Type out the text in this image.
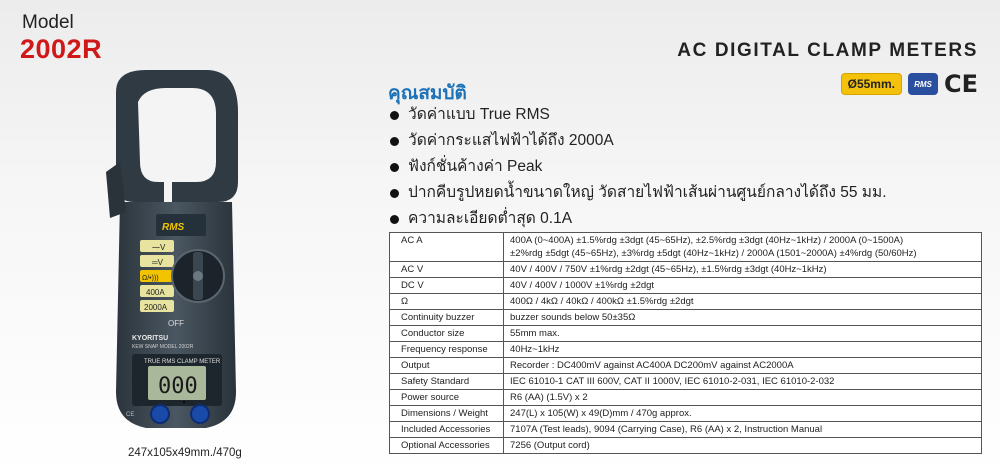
Model
2002R	AC DIGITAL CLAMP METERS
Ø55mm.	RMS CE
RMS
⁓V
═V
Ω/•)))
400A
2000A
OFF
KYORITSU
KEW SNAP MODEL 2002R
TRUE RMS CLAMP METER
000
CE
คุณสมบัติ
วัดค่าแบบ True RMS
วัดค่ากระแสไฟฟ้าได้ถึง 2000A
ฟังก์ชั่นค้างค่า Peak
ปากคีบรูปหยดน้ำขนาดใหญ่ วัดสายไฟฟ้าเส้นผ่านศูนย์กลางได้ถึง 55 มม.
ความละเอียดต่ำสุด 0.1A
AC A	400A (0~400A) ±1.5%rdg ±3dgt (45~65Hz), ±2.5%rdg ±3dgt (40Hz~1kHz) / 2000A (0~1500A)
±2%rdg ±5dgt (45~65Hz), ±3%rdg ±5dgt (40Hz~1kHz) / 2000A (1501~2000A) ±4%rdg (50/60Hz)
AC V	40V / 400V / 750V ±1%rdg ±2dgt (45~65Hz), ±1.5%rdg ±3dgt (40Hz~1kHz)
DC V	40V / 400V / 1000V ±1%rdg ±2dgt
Ω	400Ω / 4kΩ / 40kΩ / 400kΩ ±1.5%rdg ±2dgt
Continuity buzzer	buzzer sounds below 50±35Ω
Conductor size	55mm max.
Frequency response	40Hz~1kHz
Output	Recorder : DC400mV against AC400A DC200mV against AC2000A
Safety Standard	IEC 61010-1 CAT III 600V, CAT II 1000V, IEC 61010-2-031, IEC 61010-2-032
Power source	R6 (AA) (1.5V) x 2
Dimensions / Weight	247(L) x 105(W) x 49(D)mm / 470g approx.
Included Accessories	7107A (Test leads), 9094 (Carrying Case), R6 (AA) x 2, Instruction Manual
Optional Accessories	7256 (Output cord)
247x105x49mm./470g
